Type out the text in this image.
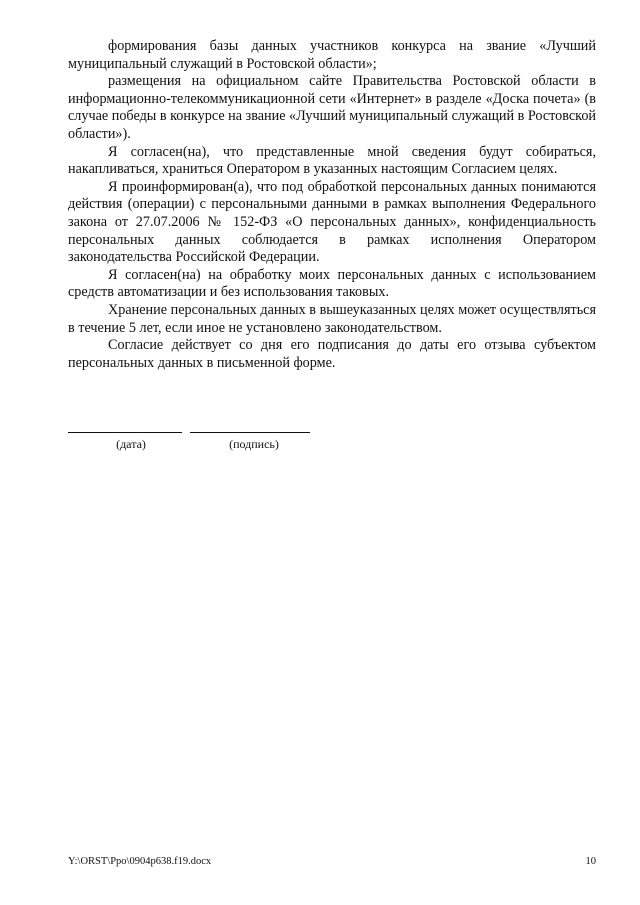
формирования базы данных участников конкурса на звание «Лучший муниципальный служащий в Ростовской области»;

размещения на официальном сайте Правительства Ростовской области в информационно-телекоммуникационной сети «Интернет» в разделе «Доска почета» (в случае победы в конкурсе на звание «Лучший муниципальный служащий в Ростовской области»).

Я согласен(на), что представленные мной сведения будут собираться, накапливаться, храниться Оператором в указанных настоящим Согласием целях.

Я проинформирован(а), что под обработкой персональных данных понимаются действия (операции) с персональными данными в рамках выполнения Федерального закона от 27.07.2006 № 152-ФЗ «О персональных данных», конфиденциальность персональных данных соблюдается в рамках исполнения Оператором законодательства Российской Федерации.

Я согласен(на) на обработку моих персональных данных с использованием средств автоматизации и без использования таковых.

Хранение персональных данных в вышеуказанных целях может осуществляться в течение 5 лет, если иное не установлено законодательством.

Согласие действует со дня его подписания до даты его отзыва субъектом персональных данных в письменной форме.

(дата)	(подпись)
Y:\ORST\Ppo\0904p638.f19.docx	10
